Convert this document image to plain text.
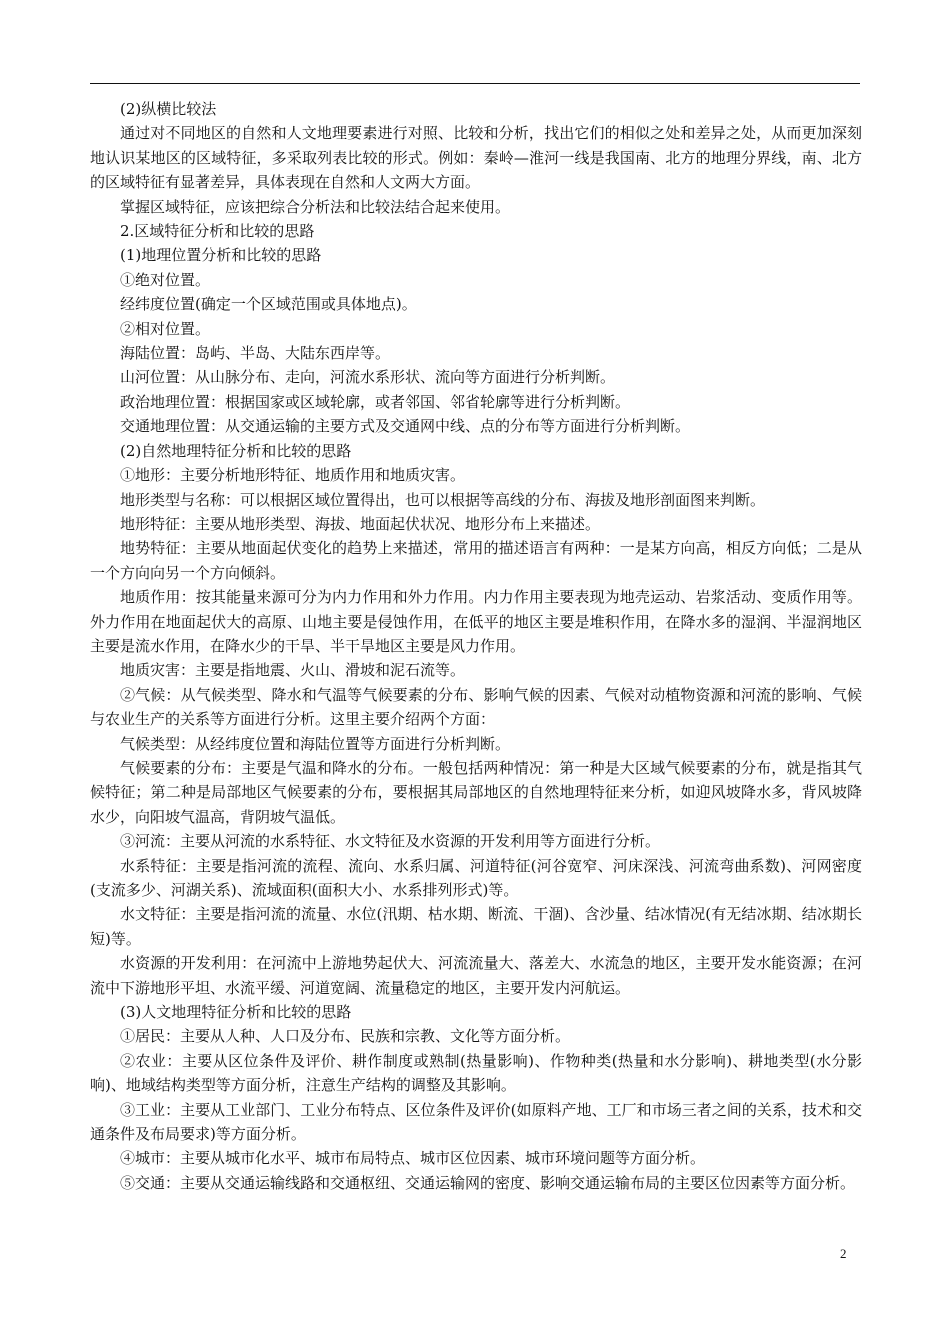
(2)纵横比较法

通过对不同地区的自然和人文地理要素进行对照、比较和分析，找出它们的相似之处和差异之处，从而更加深刻地认识某地区的区域特征，多采取列表比较的形式。例如：秦岭—淮河一线是我国南、北方的地理分界线，南、北方的区域特征有显著差异，具体表现在自然和人文两大方面。

掌握区域特征，应该把综合分析法和比较法结合起来使用。

2.区域特征分析和比较的思路

(1)地理位置分析和比较的思路

①绝对位置。

经纬度位置(确定一个区域范围或具体地点)。

②相对位置。

海陆位置：岛屿、半岛、大陆东西岸等。

山河位置：从山脉分布、走向，河流水系形状、流向等方面进行分析判断。

政治地理位置：根据国家或区域轮廓，或者邻国、邻省轮廓等进行分析判断。

交通地理位置：从交通运输的主要方式及交通网中线、点的分布等方面进行分析判断。

(2)自然地理特征分析和比较的思路

①地形：主要分析地形特征、地质作用和地质灾害。

地形类型与名称：可以根据区域位置得出，也可以根据等高线的分布、海拔及地形剖面图来判断。

地形特征：主要从地形类型、海拔、地面起伏状况、地形分布上来描述。

地势特征：主要从地面起伏变化的趋势上来描述，常用的描述语言有两种：一是某方向高，相反方向低；二是从一个方向向另一个方向倾斜。

地质作用：按其能量来源可分为内力作用和外力作用。内力作用主要表现为地壳运动、岩浆活动、变质作用等。外力作用在地面起伏大的高原、山地主要是侵蚀作用，在低平的地区主要是堆积作用，在降水多的湿润、半湿润地区主要是流水作用，在降水少的干旱、半干旱地区主要是风力作用。

地质灾害：主要是指地震、火山、滑坡和泥石流等。

②气候：从气候类型、降水和气温等气候要素的分布、影响气候的因素、气候对动植物资源和河流的影响、气候与农业生产的关系等方面进行分析。这里主要介绍两个方面：

气候类型：从经纬度位置和海陆位置等方面进行分析判断。

气候要素的分布：主要是气温和降水的分布。一般包括两种情况：第一种是大区域气候要素的分布，就是指其气候特征；第二种是局部地区气候要素的分布，要根据其局部地区的自然地理特征来分析，如迎风坡降水多，背风坡降水少，向阳坡气温高，背阴坡气温低。

③河流：主要从河流的水系特征、水文特征及水资源的开发利用等方面进行分析。

水系特征：主要是指河流的流程、流向、水系归属、河道特征(河谷宽窄、河床深浅、河流弯曲系数)、河网密度(支流多少、河湖关系)、流域面积(面积大小、水系排列形式)等。

水文特征：主要是指河流的流量、水位(汛期、枯水期、断流、干涸)、含沙量、结冰情况(有无结冰期、结冰期长短)等。

水资源的开发利用：在河流中上游地势起伏大、河流流量大、落差大、水流急的地区，主要开发水能资源；在河流中下游地形平坦、水流平缓、河道宽阔、流量稳定的地区，主要开发内河航运。

(3)人文地理特征分析和比较的思路

①居民：主要从人种、人口及分布、民族和宗教、文化等方面分析。

②农业：主要从区位条件及评价、耕作制度或熟制(热量影响)、作物种类(热量和水分影响)、耕地类型(水分影响)、地域结构类型等方面分析，注意生产结构的调整及其影响。

③工业：主要从工业部门、工业分布特点、区位条件及评价(如原料产地、工厂和市场三者之间的关系，技术和交通条件及布局要求)等方面分析。

④城市：主要从城市化水平、城市布局特点、城市区位因素、城市环境问题等方面分析。

⑤交通：主要从交通运输线路和交通枢纽、交通运输网的密度、影响交通运输布局的主要区位因素等方面分析。

2
